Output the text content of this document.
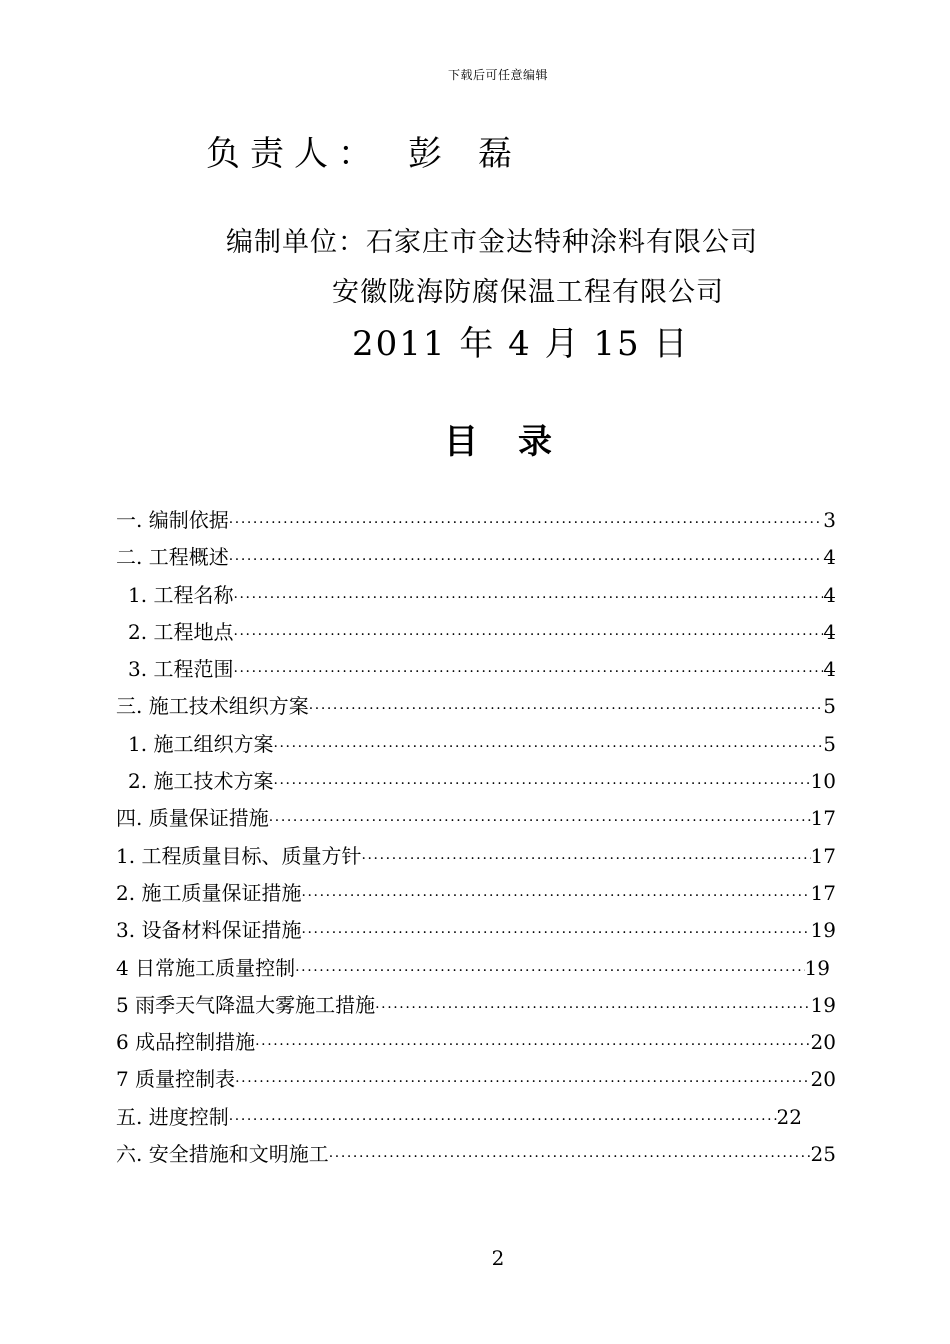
下载后可任意编辑
负责人： 彭 磊
编制单位：石家庄市金达特种涂料有限公司
安徽陇海防腐保温工程有限公司
2011 年 4 月 15 日
目录
一. 编制依据 ·····	3
二. 工程概述 ·····	4
1. 工程名称 ·····	4
2. 工程地点 ·····	4
3. 工程范围 ·····	4
三. 施工技术组织方案 ·····	5
1. 施工组织方案 ·····	5
2. 施工技术方案 ·····	10
四. 质量保证措施 ·····	17
1. 工程质量目标、质量方针 ·····	17
2. 施工质量保证措施 ·····	17
3. 设备材料保证措施 ·····	19
4 日常施工质量控制 ·····	19
5 雨季天气降温大雾施工措施 ·····	19
6 成品控制措施 ·····	20
7 质量控制表 ·····	20
五. 进度控制 ·····	22
六. 安全措施和文明施工 ·····	25
2
